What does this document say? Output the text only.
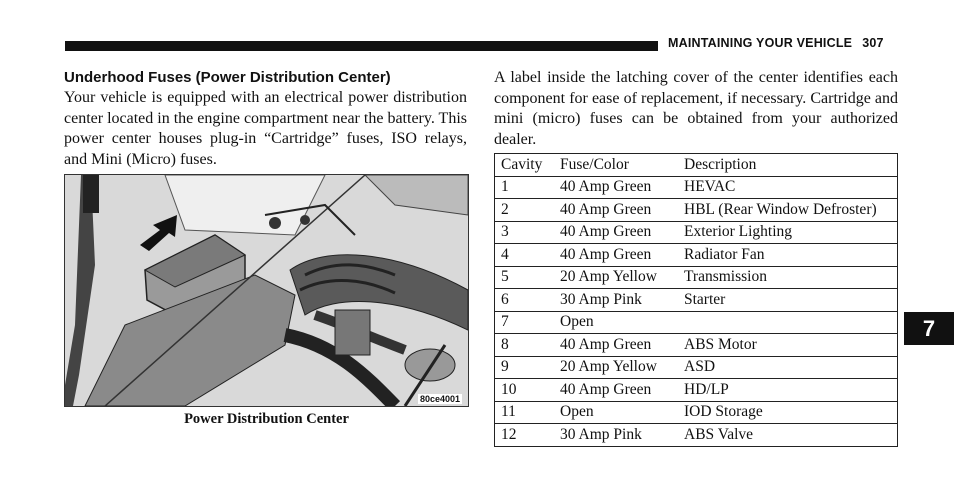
MAINTAINING YOUR VEHICLE 307

Underhood Fuses (Power Distribution Center)

Your vehicle is equipped with an electrical power distribution center located in the engine compartment near the battery. This power center houses plug-in “Cartridge” fuses, ISO relays, and Mini (Micro) fuses.

80ce4001
Power Distribution Center

A label inside the latching cover of the center identifies each component for ease of replacement, if necessary. Cartridge and mini (micro) fuses can be obtained from your authorized dealer.

Cavity	Fuse/Color	Description
1	40 Amp Green	HEVAC
2	40 Amp Green	HBL (Rear Window Defroster)
3	40 Amp Green	Exterior Lighting
4	40 Amp Green	Radiator Fan
5	20 Amp Yellow	Transmission
6	30 Amp Pink	Starter
7	Open	
8	40 Amp Green	ABS Motor
9	20 Amp Yellow	ASD
10	40 Amp Green	HD/LP
11	Open	IOD Storage
12	30 Amp Pink	ABS Valve
7
